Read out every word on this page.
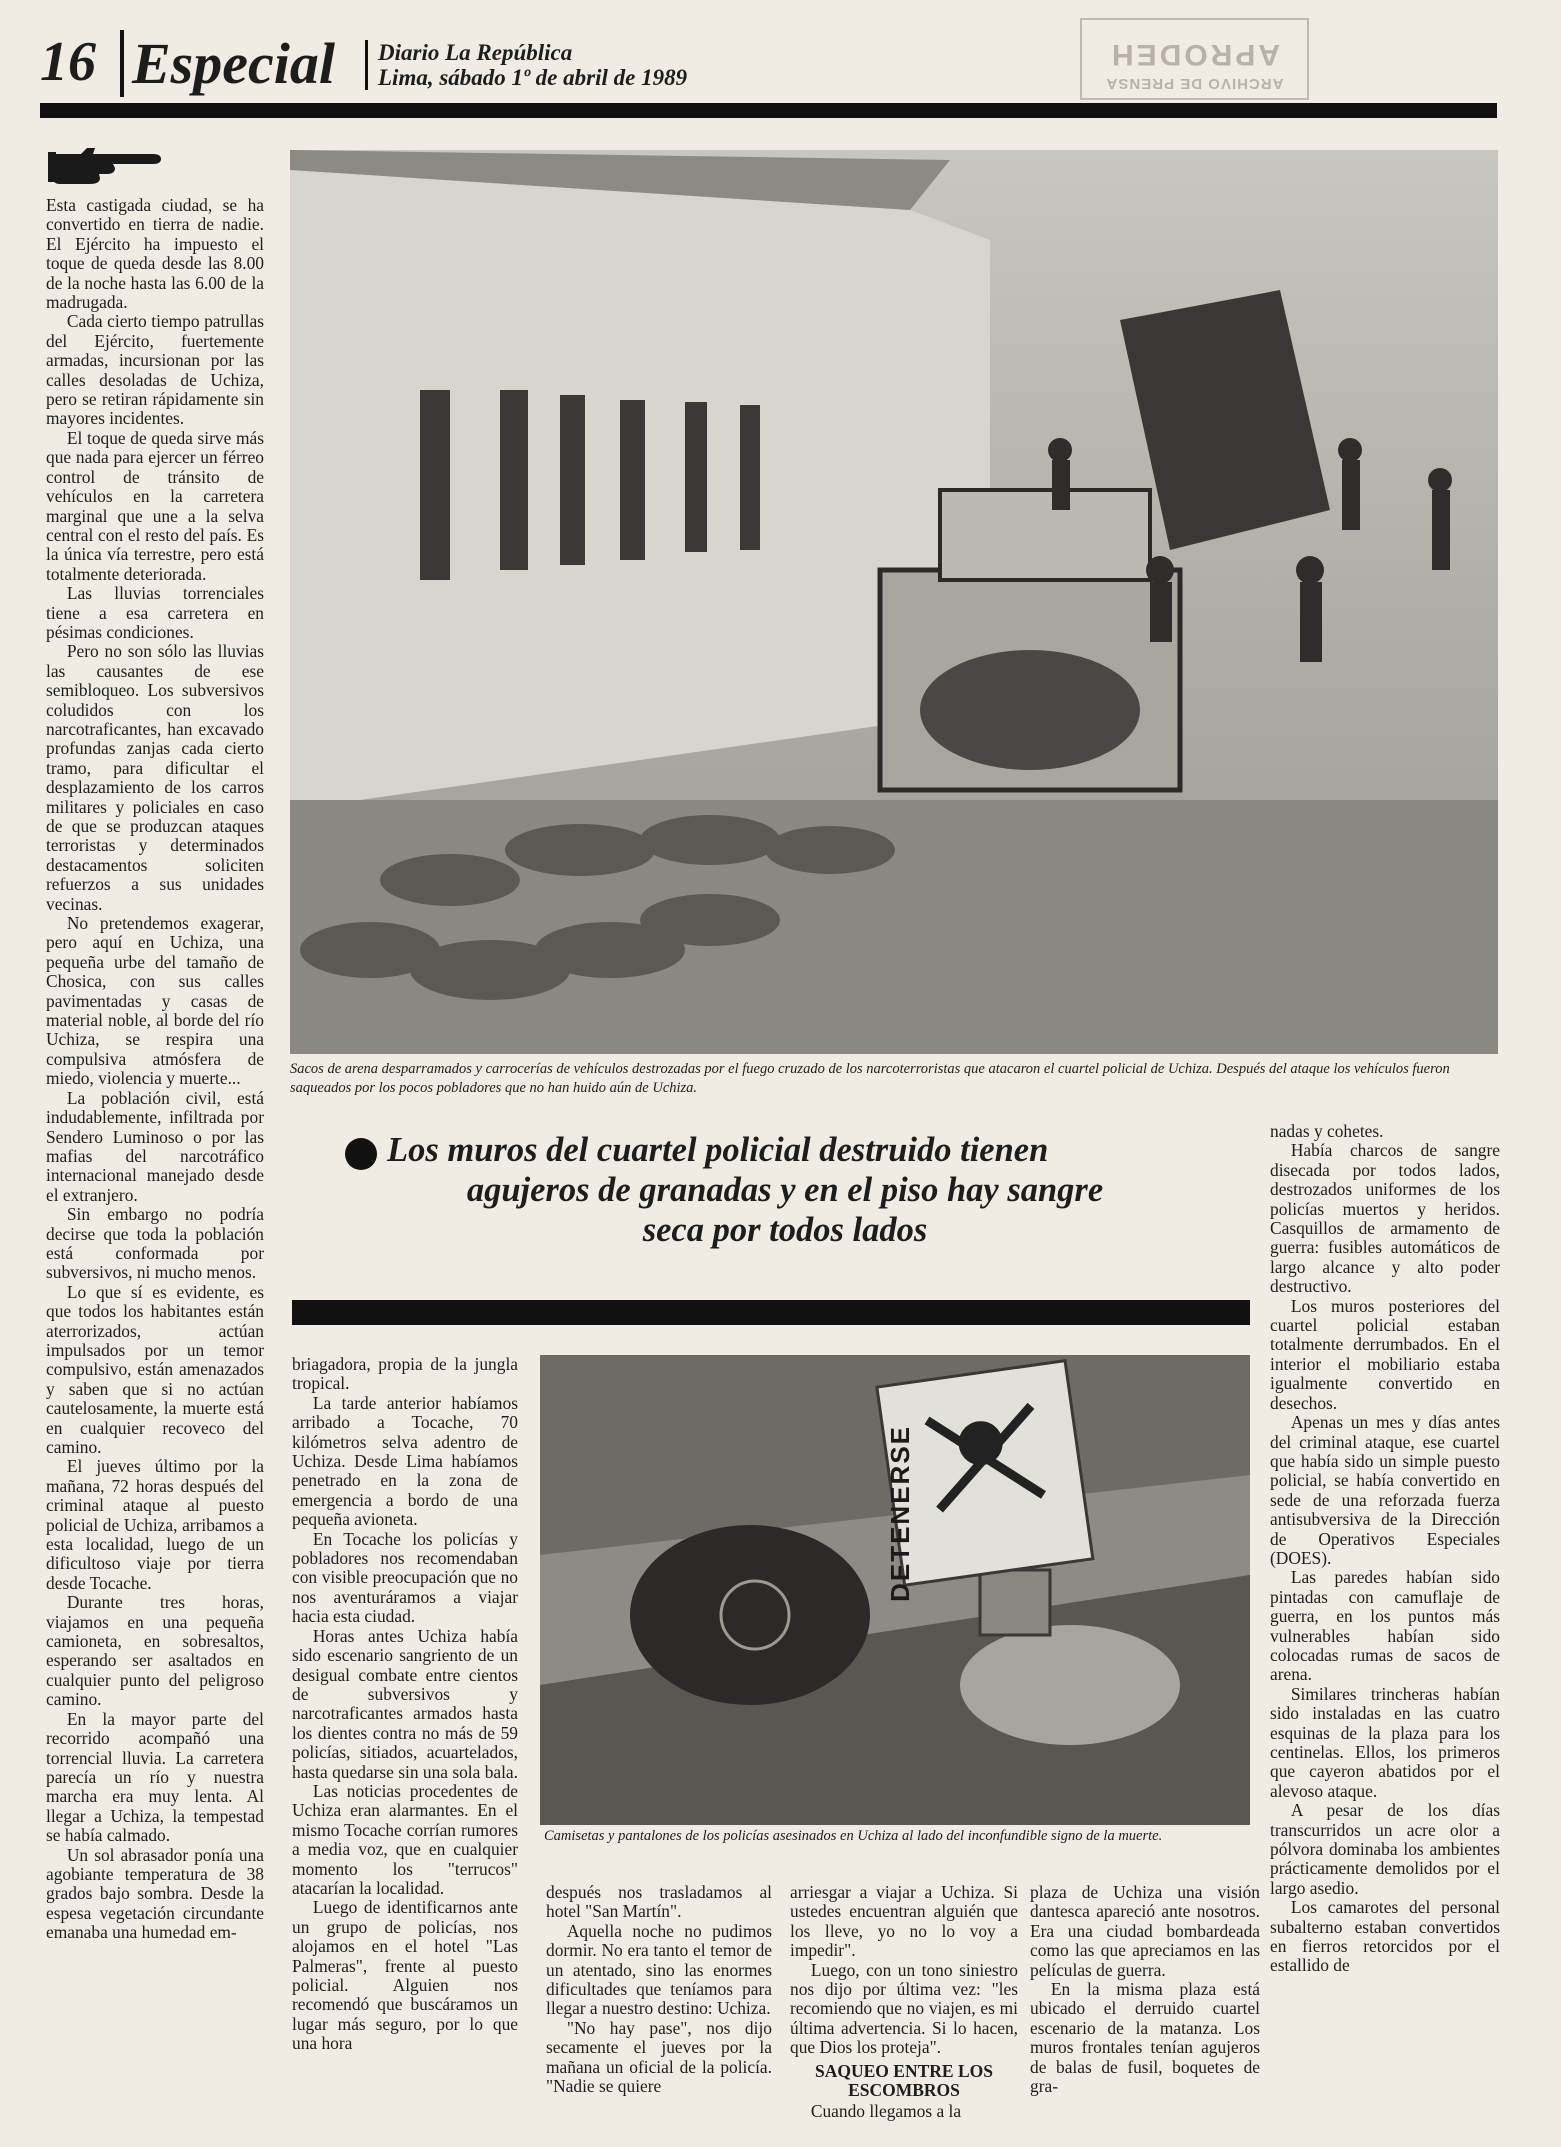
16 Especial Diario La República
Lima, sábado 1º de abril de 1989	ARCHIVO DE PRENSA
APRODEH
Sacos de arena desparramados y carrocerías de vehículos destrozadas por el fuego cruzado de los narcoterroristas que atacaron el cuartel policial de Uchiza. Después del ataque los vehículos fueron saqueados por los pocos pobladores que no han huido aún de Uchiza.

Esta castigada ciudad, se ha convertido en tierra de nadie. El Ejército ha impuesto el toque de queda desde las 8.00 de la noche hasta las 6.00 de la madrugada.

Cada cierto tiempo patrullas del Ejército, fuertemente armadas, incursionan por las calles desoladas de Uchiza, pero se retiran rápidamente sin mayores incidentes.

El toque de queda sirve más que nada para ejercer un férreo control de tránsito de vehículos en la carretera marginal que une a la selva central con el resto del país. Es la única vía terrestre, pero está totalmente deteriorada.

Las lluvias torrenciales tiene a esa carretera en pésimas condiciones.

Pero no son sólo las lluvias las causantes de ese semibloqueo. Los subversivos coludidos con los narcotraficantes, han excavado profundas zanjas cada cierto tramo, para dificultar el desplazamiento de los carros militares y policiales en caso de que se produzcan ataques terroristas y determinados destacamentos soliciten refuerzos a sus unidades vecinas.

No pretendemos exagerar, pero aquí en Uchiza, una pequeña urbe del tamaño de Chosica, con sus calles pavimentadas y casas de material noble, al borde del río Uchiza, se respira una compulsiva atmósfera de miedo, violencia y muerte...

La población civil, está indudablemente, infiltrada por Sendero Luminoso o por las mafias del narcotráfico internacional manejado desde el extranjero.

Sin embargo no podría decirse que toda la población está conformada por subversivos, ni mucho menos.

Lo que sí es evidente, es que todos los habitantes están aterrorizados, actúan impulsados por un temor compulsivo, están amenazados y saben que si no actúan cautelosamente, la muerte está en cualquier recoveco del camino.

El jueves último por la mañana, 72 horas después del criminal ataque al puesto policial de Uchiza, arribamos a esta localidad, luego de un dificultoso viaje por tierra desde Tocache.

Durante tres horas, viajamos en una pequeña camioneta, en sobresaltos, esperando ser asaltados en cualquier punto del peligroso camino.

En la mayor parte del recorrido acompañó una torrencial lluvia. La carretera parecía un río y nuestra marcha era muy lenta. Al llegar a Uchiza, la tempestad se había calmado.

Un sol abrasador ponía una agobiante temperatura de 38 grados bajo sombra. Desde la espesa vegetación circundante emanaba una humedad em-

Los muros del cuartel policial destruido tienen
agujeros de granadas y en el piso hay sangre
seca por todos lados

briagadora, propia de la jungla tropical.

La tarde anterior habíamos arribado a Tocache, 70 kilómetros selva adentro de Uchiza. Desde Lima habíamos penetrado en la zona de emergencia a bordo de una pequeña avioneta.

En Tocache los policías y pobladores nos recomendaban con visible preocupación que no nos aventuráramos a viajar hacia esta ciudad.

Horas antes Uchiza había sido escenario sangriento de un desigual combate entre cientos de subversivos y narcotraficantes armados hasta los dientes contra no más de 59 policías, sitiados, acuartelados, hasta quedarse sin una sola bala.

Las noticias procedentes de Uchiza eran alarmantes. En el mismo Tocache corrían rumores a media voz, que en cualquier momento los "terrucos" atacarían la localidad.

Luego de identificarnos ante un grupo de policías, nos alojamos en el hotel "Las Palmeras", frente al puesto policial. Alguien nos recomendó que buscáramos un lugar más seguro, por lo que una hora

DETENERSE
Camisetas y pantalones de los policías asesinados en Uchiza al lado del inconfundible signo de la muerte.

después nos trasladamos al hotel "San Martín".

Aquella noche no pudimos dormir. No era tanto el temor de un atentado, sino las enormes dificultades que teníamos para llegar a nuestro destino: Uchiza.

"No hay pase", nos dijo secamente el jueves por la mañana un oficial de la policía. "Nadie se quiere

arriesgar a viajar a Uchiza. Si ustedes encuentran alguién que los lleve, yo no lo voy a impedir".

Luego, con un tono siniestro nos dijo por última vez: "les recomiendo que no viajen, es mi última advertencia. Si lo hacen, que Dios los proteja".

SAQUEO ENTRE LOS ESCOMBROS

Cuando llegamos a la

plaza de Uchiza una visión dantesca apareció ante nosotros. Era una ciudad bombardeada como las que apreciamos en las películas de guerra.

En la misma plaza está ubicado el derruido cuartel escenario de la matanza. Los muros frontales tenían agujeros de balas de fusil, boquetes de gra-

nadas y cohetes.

Había charcos de sangre disecada por todos lados, destrozados uniformes de los policías muertos y heridos. Casquillos de armamento de guerra: fusibles automáticos de largo alcance y alto poder destructivo.

Los muros posteriores del cuartel policial estaban totalmente derrumbados. En el interior el mobiliario estaba igualmente convertido en desechos.

Apenas un mes y días antes del criminal ataque, ese cuartel que había sido un simple puesto policial, se había convertido en sede de una reforzada fuerza antisubversiva de la Dirección de Operativos Especiales (DOES).

Las paredes habían sido pintadas con camuflaje de guerra, en los puntos más vulnerables habían sido colocadas rumas de sacos de arena.

Similares trincheras habían sido instaladas en las cuatro esquinas de la plaza para los centinelas. Ellos, los primeros que cayeron abatidos por el alevoso ataque.

A pesar de los días transcurridos un acre olor a pólvora dominaba los ambientes prácticamente demolidos por el largo asedio.

Los camarotes del personal subalterno estaban convertidos en fierros retorcidos por el estallido de
